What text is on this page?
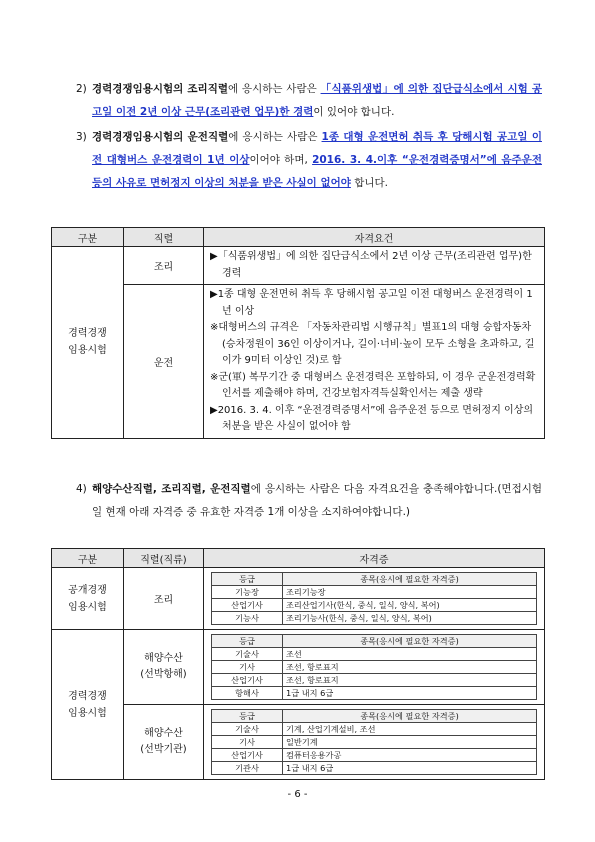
2) 경력경쟁임용시험의 조리직렬에 응시하는 사람은 「식품위생법」에 의한 집단급식소에서 시험 공고일 이전 2년 이상 근무(조리관련 업무)한 경력이 있어야 합니다.
3) 경력경쟁임용시험의 운전직렬에 응시하는 사람은 1종 대형 운전면허 취득 후 당해시험 공고일 이전 대형버스 운전경력이 1년 이상이어야 하며, 2016. 3. 4.이후 “운전경력증명서”에 음주운전 등의 사유로 면허정지 이상의 처분을 받은 사실이 없어야 합니다.
구분	직렬	자격요건
경력경쟁
임용시험	조리	▶「식품위생법」에 의한 집단급식소에서 2년 이상 근무(조리관련 업무)한 경력

	운전	▶1종 대형 운전면허 취득 후 당해시험 공고일 이전 대형버스 운전경력이 1년 이상
※대형버스의 규격은 「자동차관리법 시행규칙」별표1의 대형 승합자동차(승차정원이 36인 이상이거나, 길이·너비·높이 모두 소형을 초과하고, 길이가 9미터 이상인 것)로 함
※군(軍) 복무기간 중 대형버스 운전경력은 포함하되, 이 경우 군운전경력확인서를 제출해야 하며, 건강보험자격득실확인서는 제출 생략
▶2016. 3. 4. 이후 “운전경력증명서”에 음주운전 등으로 면허정지 이상의 처분을 받은 사실이 없어야 함
4) 해양수산직렬, 조리직렬, 운전직렬에 응시하는 사람은 다음 자격요건을 충족해야합니다.(면접시험일 현재 아래 자격증 중 유효한 자격증 1개 이상을 소지하여야합니다.)
구분	직렬(직류)	자격증
공개경쟁
임용시험	조리	
등급	종목(응시에 필요한 자격증)
기능장	조리기능장
산업기사	조리산업기사(한식, 중식, 일식, 양식, 복어)
기능사	조리기능사(한식, 중식, 일식, 양식, 복어)

경력경쟁
임용시험	해양수산
(선박항해)	
등급	종목(응시에 필요한 자격증)
기술사	조선
기사	조선, 항로표지
산업기사	조선, 항로표지
항해사	1급 내지 6급

해양수산
(선박기관)	
등급	종목(응시에 필요한 자격증)
기술사	기계, 산업기계설비, 조선
기사	일반기계
산업기사	컴퓨터응용가공
기관사	1급 내지 6급
- 6 -
